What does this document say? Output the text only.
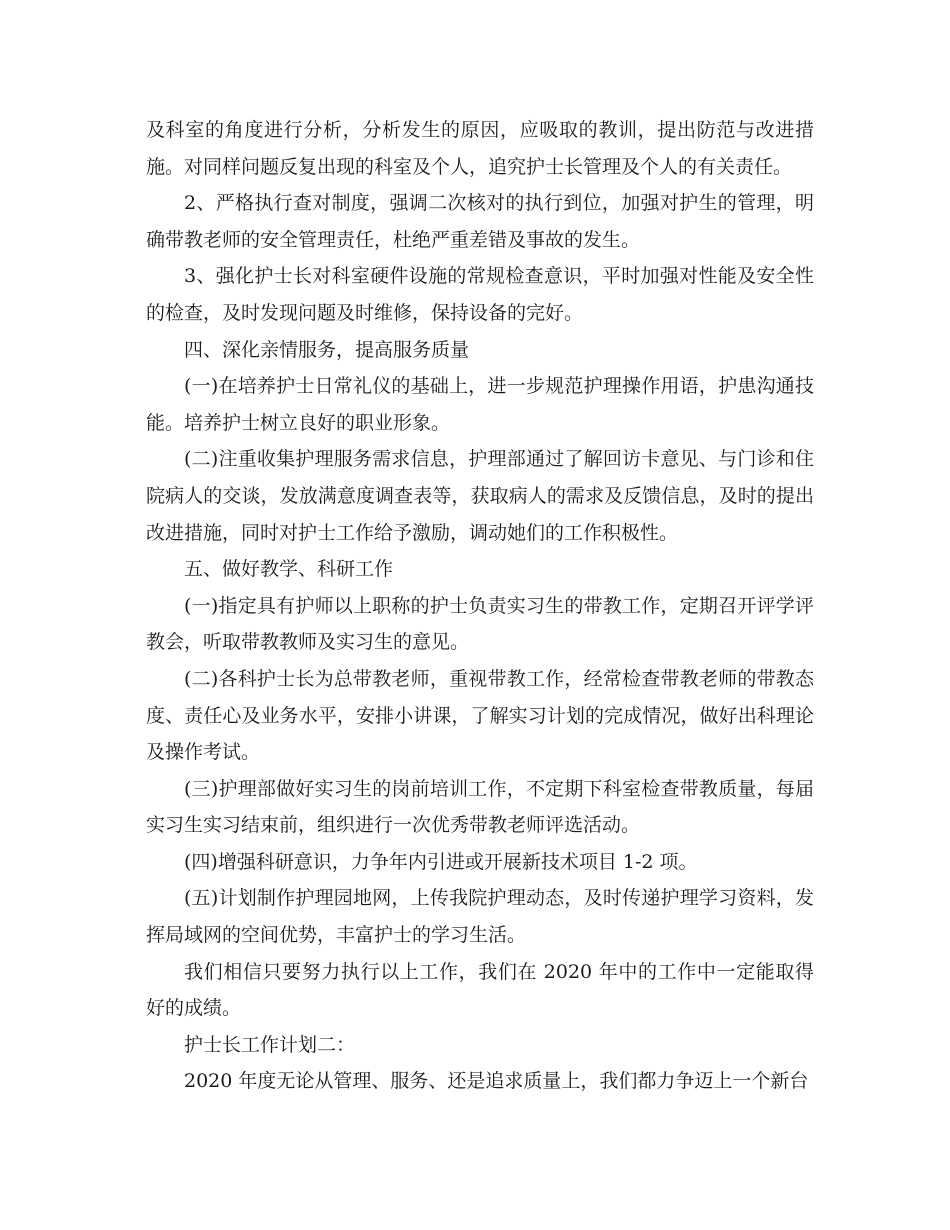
及科室的角度进行分析，分析发生的原因，应吸取的教训，提出防范与改进措施。对同样问题反复出现的科室及个人，追究护士长管理及个人的有关责任。

2、严格执行查对制度，强调二次核对的执行到位，加强对护生的管理，明确带教老师的安全管理责任，杜绝严重差错及事故的发生。

3、强化护士长对科室硬件设施的常规检查意识，平时加强对性能及安全性的检查，及时发现问题及时维修，保持设备的完好。

四、深化亲情服务，提高服务质量

(一)在培养护士日常礼仪的基础上，进一步规范护理操作用语，护患沟通技能。培养护士树立良好的职业形象。

(二)注重收集护理服务需求信息，护理部通过了解回访卡意见、与门诊和住院病人的交谈，发放满意度调查表等，获取病人的需求及反馈信息，及时的提出改进措施，同时对护士工作给予激励，调动她们的工作积极性。

五、做好教学、科研工作

(一)指定具有护师以上职称的护士负责实习生的带教工作，定期召开评学评教会，听取带教教师及实习生的意见。

(二)各科护士长为总带教老师，重视带教工作，经常检查带教老师的带教态度、责任心及业务水平，安排小讲课，了解实习计划的完成情况，做好出科理论及操作考试。

(三)护理部做好实习生的岗前培训工作，不定期下科室检查带教质量，每届实习生实习结束前，组织进行一次优秀带教老师评选活动。

(四)增强科研意识，力争年内引进或开展新技术项目 1-2 项。

(五)计划制作护理园地网，上传我院护理动态，及时传递护理学习资料，发挥局域网的空间优势，丰富护士的学习生活。

我们相信只要努力执行以上工作，我们在 2020 年中的工作中一定能取得好的成绩。

护士长工作计划二：

2020 年度无论从管理、服务、还是追求质量上，我们都力争迈上一个新台
